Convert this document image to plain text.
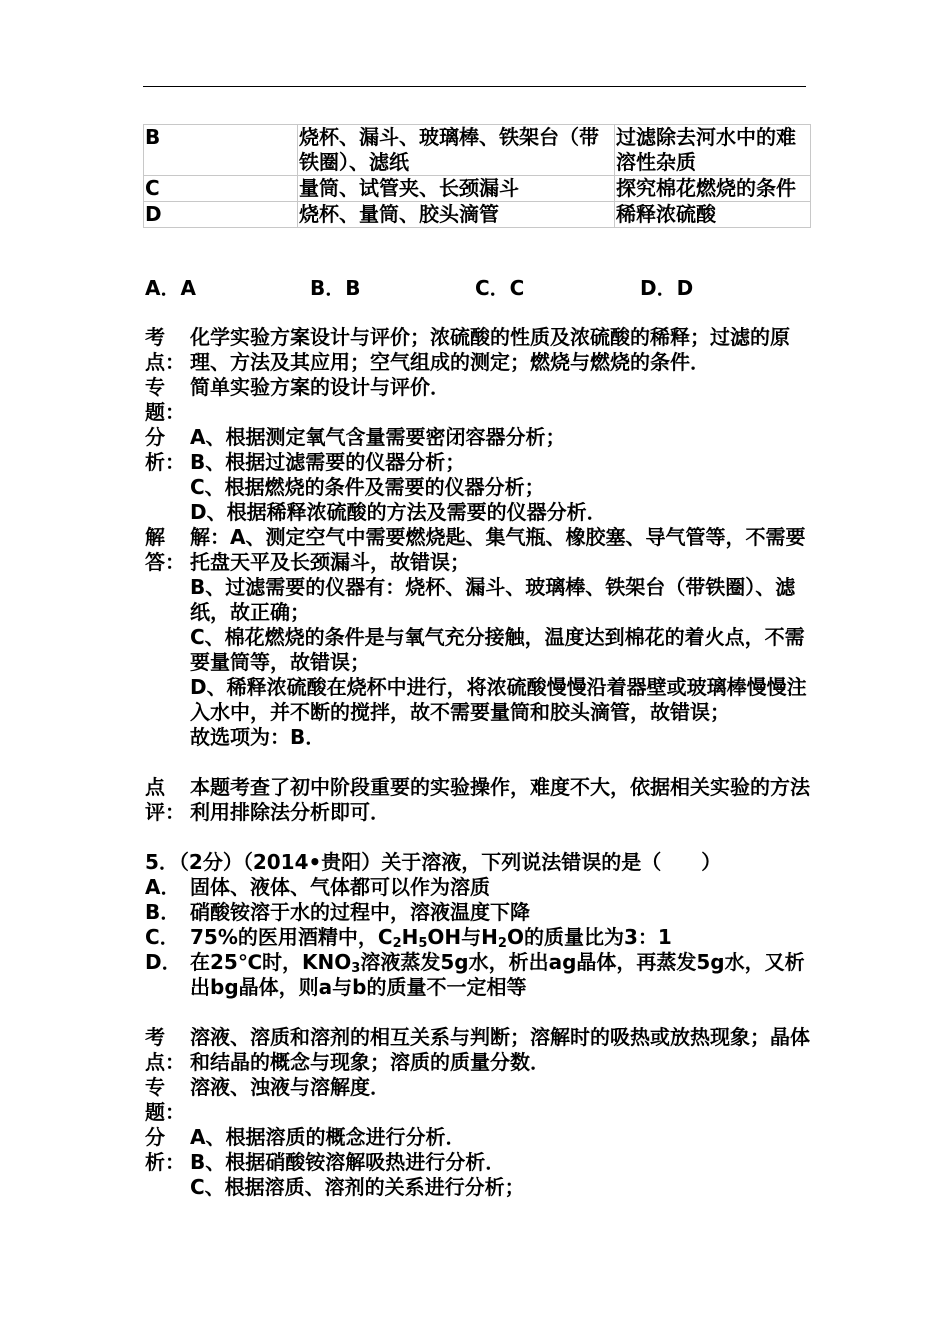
B	烧杯、漏斗、玻璃棒、铁架台（带铁圈）、滤纸	过滤除去河水中的难溶性杂质
C	量筒、试管夹、长颈漏斗	探究棉花燃烧的条件
D	烧杯、量筒、胶头滴管	稀释浓硫酸
A．A	B．B	C．C	D．D
考
点：
化学实验方案设计与评价；浓硫酸的性质及浓硫酸的稀释；过滤的原理、方法及其应用；空气组成的测定；燃烧与燃烧的条件．
专
题：
简单实验方案的设计与评价．
分
析：
A、根据测定氧气含量需要密闭容器分析；
B、根据过滤需要的仪器分析；
C、根据燃烧的条件及需要的仪器分析；
D、根据稀释浓硫酸的方法及需要的仪器分析．
解
答：
解：A、测定空气中需要燃烧匙、集气瓶、橡胶塞、导气管等，不需要托盘天平及长颈漏斗，故错误；
B、过滤需要的仪器有：烧杯、漏斗、玻璃棒、铁架台（带铁圈）、滤纸，故正确；
C、棉花燃烧的条件是与氧气充分接触，温度达到棉花的着火点，不需要量筒等，故错误；
D、稀释浓硫酸在烧杯中进行，将浓硫酸慢慢沿着器壁或玻璃棒慢慢注入水中，并不断的搅拌，故不需要量筒和胶头滴管，故错误；
故选项为：B．
点
评：
本题考查了初中阶段重要的实验操作，难度不大，依据相关实验的方法利用排除法分析即可．
5．（2分）（2014•贵阳）关于溶液，下列说法错误的是（　　）
A． 固体、液体、气体都可以作为溶质
B． 硝酸铵溶于水的过程中，溶液温度下降
C． 75%的医用酒精中，$C_2H_5OH$与$H_2O$的质量比为3：1
D． 在25℃时，$KNO_3$溶液蒸发5g水，析出ag晶体，再蒸发5g水，又析出bg晶体，则a与b的质量不一定相等
考
点：
溶液、溶质和溶剂的相互关系与判断；溶解时的吸热或放热现象；晶体和结晶的概念与现象；溶质的质量分数．
专
题：
溶液、浊液与溶解度．
分
析：
A、根据溶质的概念进行分析．
B、根据硝酸铵溶解吸热进行分析．
C、根据溶质、溶剂的关系进行分析；
